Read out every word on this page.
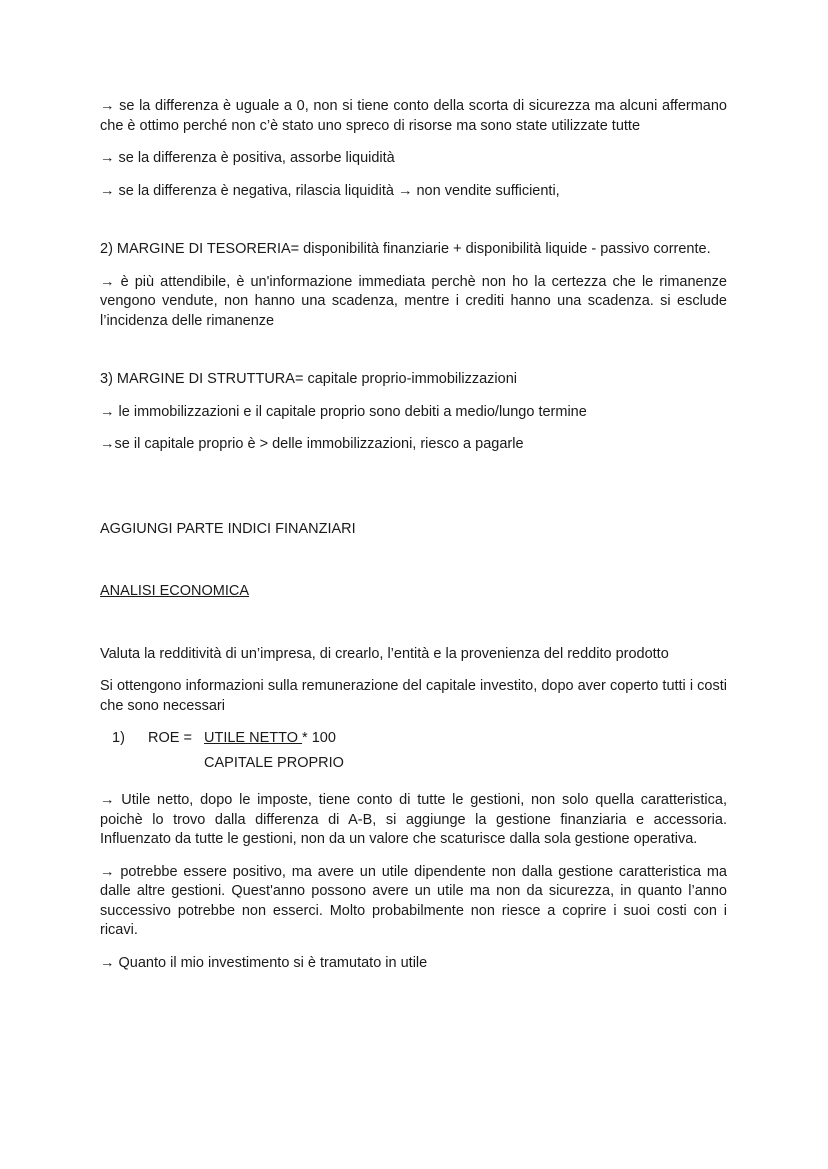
→ se la differenza è uguale a 0, non si tiene conto della scorta di sicurezza ma alcuni affermano che è ottimo perché non c’è stato uno spreco di risorse ma sono state utilizzate tutte

→ se la differenza è positiva, assorbe liquidità

→ se la differenza è negativa, rilascia liquidità → non vendite sufficienti,

2) MARGINE DI TESORERIA= disponibilità finanziarie + disponibilità liquide - passivo corrente.

→ è più attendibile, è un'informazione immediata perchè non ho la certezza che le rimanenze vengono vendute, non hanno una scadenza, mentre i crediti hanno una scadenza. si esclude l’incidenza delle rimanenze

3) MARGINE DI STRUTTURA= capitale proprio-immobilizzazioni

→ le immobilizzazioni e il capitale proprio sono debiti a medio/lungo termine

→se il capitale proprio è > delle immobilizzazioni, riesco a pagarle

AGGIUNGI PARTE INDICI FINANZIARI

ANALISI ECONOMICA

Valuta la redditività di un’impresa, di crearlo, l’entità e la provenienza del reddito prodotto

Si ottengono informazioni sulla remunerazione del capitale investito, dopo aver coperto tutti i costi che sono necessari

1) ROE = UTILE NETTO * 100
CAPITALE PROPRIO

→ Utile netto, dopo le imposte, tiene conto di tutte le gestioni, non solo quella caratteristica, poichè lo trovo dalla differenza di A-B, si aggiunge la gestione finanziaria e accessoria. Influenzato da tutte le gestioni, non da un valore che scaturisce dalla sola gestione operativa.

→ potrebbe essere positivo, ma avere un utile dipendente non dalla gestione caratteristica ma dalle altre gestioni. Quest'anno possono avere un utile ma non da sicurezza, in quanto l’anno successivo potrebbe non esserci. Molto probabilmente non riesce a coprire i suoi costi con i ricavi.

→ Quanto il mio investimento si è tramutato in utile
